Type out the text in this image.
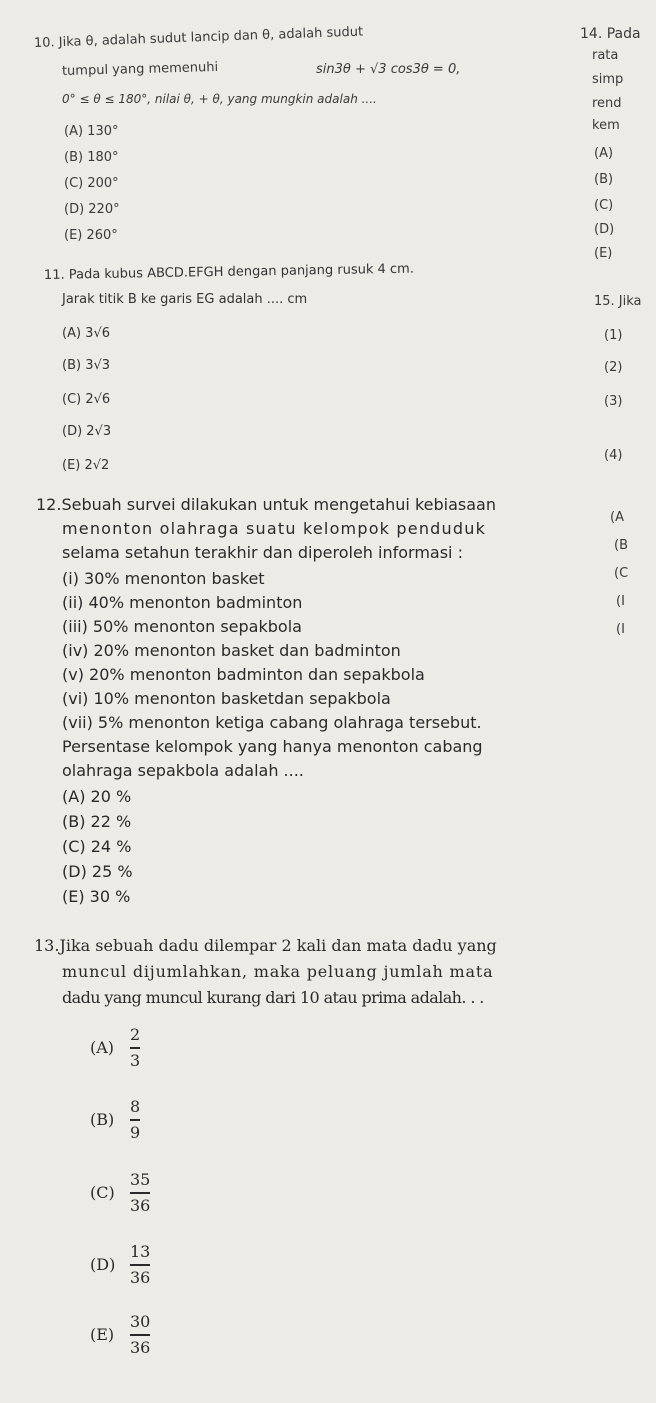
10. Jika θ, adalah sudut lancip dan θ, adalah sudut
tumpul yang memenuhi	sin3θ + √3 cos3θ = 0,
0° ≤ θ ≤ 180°, nilai θ, + θ, yang mungkin adalah ....
(A) 130°
(B) 180°
(C) 200°
(D) 220°
(E) 260°
11. Pada kubus ABCD.EFGH dengan panjang rusuk 4 cm.
Jarak titik B ke garis EG adalah .... cm
(A) 3√6
(B) 3√3
(C) 2√6
(D) 2√3
(E) 2√2
12.Sebuah survei dilakukan untuk mengetahui kebiasaan
menonton olahraga suatu kelompok penduduk
selama setahun terakhir dan diperoleh informasi :
(i) 30% menonton basket
(ii) 40% menonton badminton
(iii) 50% menonton sepakbola
(iv) 20% menonton basket dan badminton
(v) 20% menonton badminton dan sepakbola
(vi) 10% menonton basketdan sepakbola
(vii) 5% menonton ketiga cabang olahraga tersebut.
Persentase kelompok yang hanya menonton cabang
olahraga sepakbola adalah ....
(A) 20 %
(B) 22 %
(C) 24 %
(D) 25 %
(E) 30 %
13.Jika sebuah dadu dilempar 2 kali dan mata dadu yang
muncul dijumlahkan, maka peluang jumlah mata
dadu yang muncul kurang dari 10 atau prima adalah. . .
(A)
2
3
(B)
8
9
(C)
35
36
(D)
13
36
(E)
30
36
14. Pada
rata
simp
rend
kem
(A)
(B)
(C)
(D)
(E)
15. Jika
(1)
(2)
(3)
(4)
(A
(B
(C
(I
(I
